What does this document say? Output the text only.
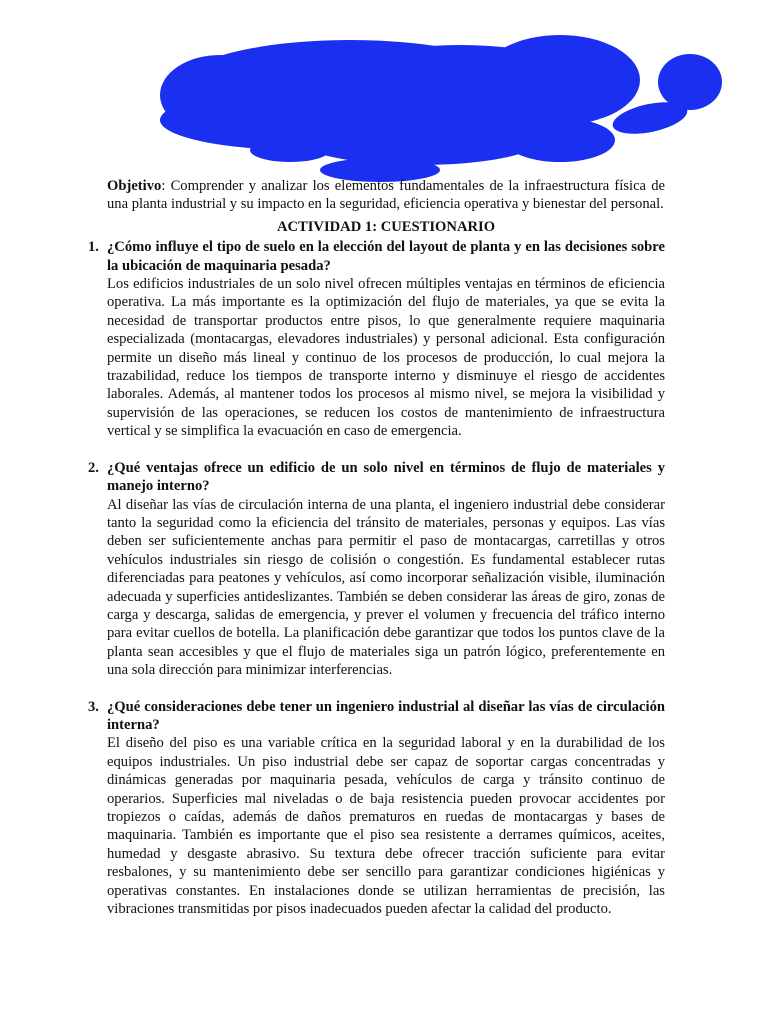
Objetivo: Comprender y analizar los elementos fundamentales de la infraestructura física de una planta industrial y su impacto en la seguridad, eficiencia operativa y bienestar del personal.

ACTIVIDAD 1: CUESTIONARIO

1. ¿Cómo influye el tipo de suelo en la elección del layout de planta y en las decisiones sobre la ubicación de maquinaria pesada?

Los edificios industriales de un solo nivel ofrecen múltiples ventajas en términos de eficiencia operativa. La más importante es la optimización del flujo de materiales, ya que se evita la necesidad de transportar productos entre pisos, lo que generalmente requiere maquinaria especializada (montacargas, elevadores industriales) y personal adicional. Esta configuración permite un diseño más lineal y continuo de los procesos de producción, lo cual mejora la trazabilidad, reduce los tiempos de transporte interno y disminuye el riesgo de accidentes laborales. Además, al mantener todos los procesos al mismo nivel, se mejora la visibilidad y supervisión de las operaciones, se reducen los costos de mantenimiento de infraestructura vertical y se simplifica la evacuación en caso de emergencia.

2. ¿Qué ventajas ofrece un edificio de un solo nivel en términos de flujo de materiales y manejo interno?

Al diseñar las vías de circulación interna de una planta, el ingeniero industrial debe considerar tanto la seguridad como la eficiencia del tránsito de materiales, personas y equipos. Las vías deben ser suficientemente anchas para permitir el paso de montacargas, carretillas y otros vehículos industriales sin riesgo de colisión o congestión. Es fundamental establecer rutas diferenciadas para peatones y vehículos, así como incorporar señalización visible, iluminación adecuada y superficies antideslizantes. También se deben considerar las áreas de giro, zonas de carga y descarga, salidas de emergencia, y prever el volumen y frecuencia del tráfico interno para evitar cuellos de botella. La planificación debe garantizar que todos los puntos clave de la planta sean accesibles y que el flujo de materiales siga un patrón lógico, preferentemente en una sola dirección para minimizar interferencias.

3. ¿Qué consideraciones debe tener un ingeniero industrial al diseñar las vías de circulación interna?

El diseño del piso es una variable crítica en la seguridad laboral y en la durabilidad de los equipos industriales. Un piso industrial debe ser capaz de soportar cargas concentradas y dinámicas generadas por maquinaria pesada, vehículos de carga y tránsito continuo de operarios. Superficies mal niveladas o de baja resistencia pueden provocar accidentes por tropiezos o caídas, además de daños prematuros en ruedas de montacargas y bases de maquinaria. También es importante que el piso sea resistente a derrames químicos, aceites, humedad y desgaste abrasivo. Su textura debe ofrecer tracción suficiente para evitar resbalones, y su mantenimiento debe ser sencillo para garantizar condiciones higiénicas y operativas constantes. En instalaciones donde se utilizan herramientas de precisión, las vibraciones transmitidas por pisos inadecuados pueden afectar la calidad del producto.
